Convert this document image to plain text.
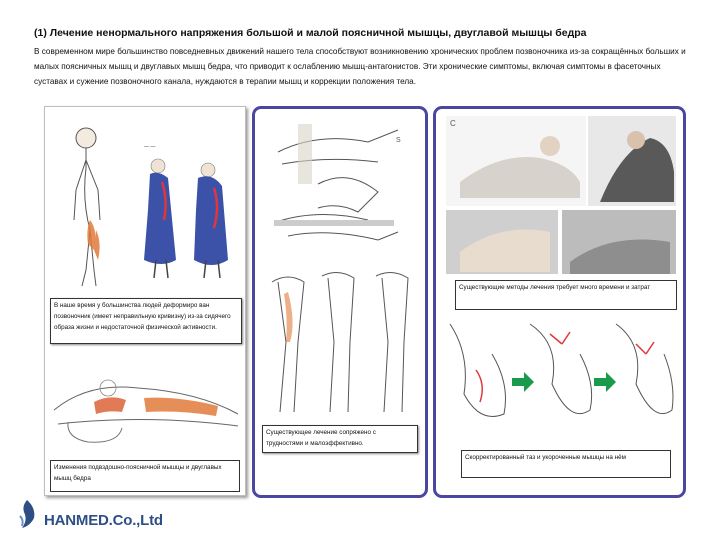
(1) Лечение ненормального напряжения большой и малой поясничной мышцы, двуглавой мышцы бедра
В современном мире большинство повседневных движений нашего тела способствуют возникновению хронических проблем позвоночника из-за сокращённых больших и малых поясничных мышц и двуглавых мышц бедра, что приводит к ослаблению мышц-антагонистов. Эти хронические симптомы, включая симптомы в фасеточных суставах и сужение позвоночного канала, нуждаются в терапии мышц и коррекции положения тела.
— —
В наше время у большинства людей деформиро ван позвоночник (имеет неправильную кривизну) из-за сидячего образа жизни и недостаточной физической активности.
Изменения подвздошно-поясничной мышцы и двуглавых мышц бедра
S
Существующее лечение сопряжено с трудностями и малоэффективно.
C
Существующие методы лечения требует много времени и затрат
Скорректированный таз и укороченные мышцы на нём
HANMED.Co.,Ltd
